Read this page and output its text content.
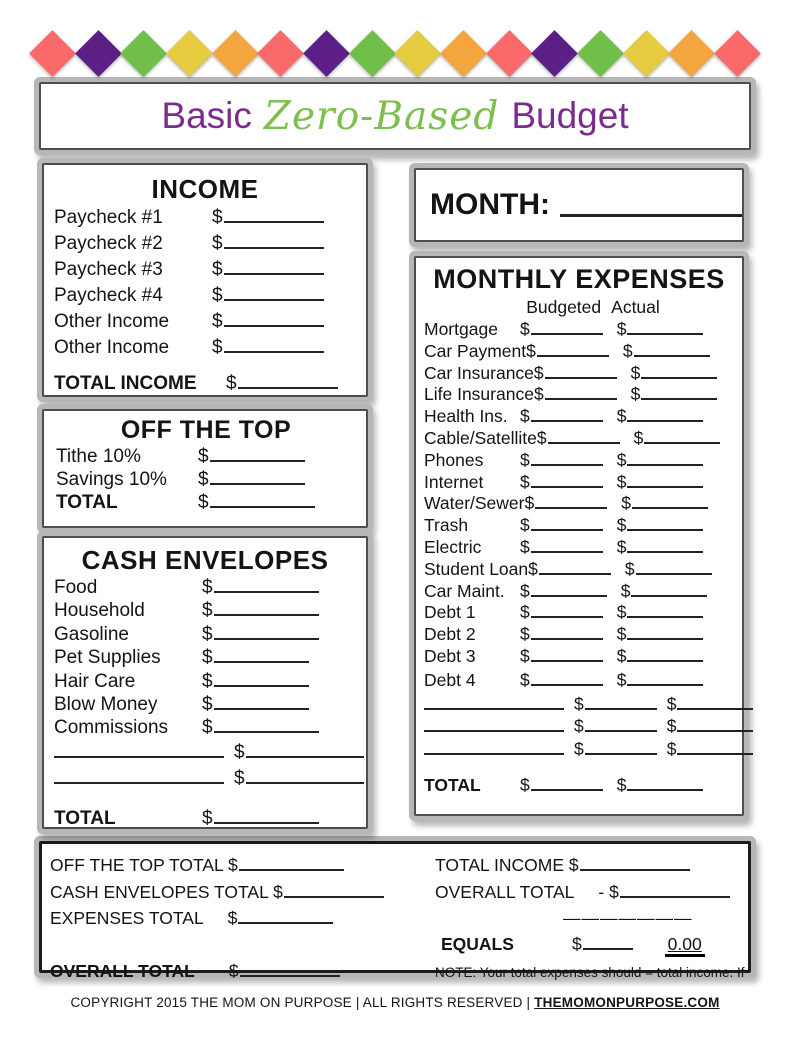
Basic Zero-Based Budget
INCOME
Paycheck #1	$
Paycheck #2	$
Paycheck #3	$
Paycheck #4	$
Other Income $
Other Income $
TOTAL INCOME $
OFF THE TOP
Tithe 10%	$
Savings 10% $
TOTAL	$
CASH ENVELOPES
Food	$
Household	$
Gasoline	$
Pet Supplies $
Hair Care	$
Blow Money $
Commissions $
$
$
TOTAL	$
MONTH:
MONTHLY EXPENSES
Budgeted Actual
Mortgage $	$
Car Payment$	$
Car Insurance$	$
Life Insurance$	$
Health Ins. $	$
Cable/Satellite$	$
Phones $	$
Internet $	$
Water/Sewer$	$
Trash	$	$
Electric $	$
Student Loan$	$
Car Maint. $	$
Debt 1	$	$
Debt 2	$	$
Debt 3	$	$
Debt 4	$	$
$	$
$	$
$	$
TOTAL $	$
OFF THE TOP TOTAL $	TOTAL INCOME $
CASH ENVELOPES TOTAL $	OVERALL TOTAL - $
EXPENSES TOTAL $	———————
EQUALS	$	0.00
OVERALL TOTAL $	NOTE: Your total expenses should = total income. If
COPYRIGHT 2015 THE MOM ON PURPOSE | ALL RIGHTS RESERVED | THEMOMONPURPOSE.COM
